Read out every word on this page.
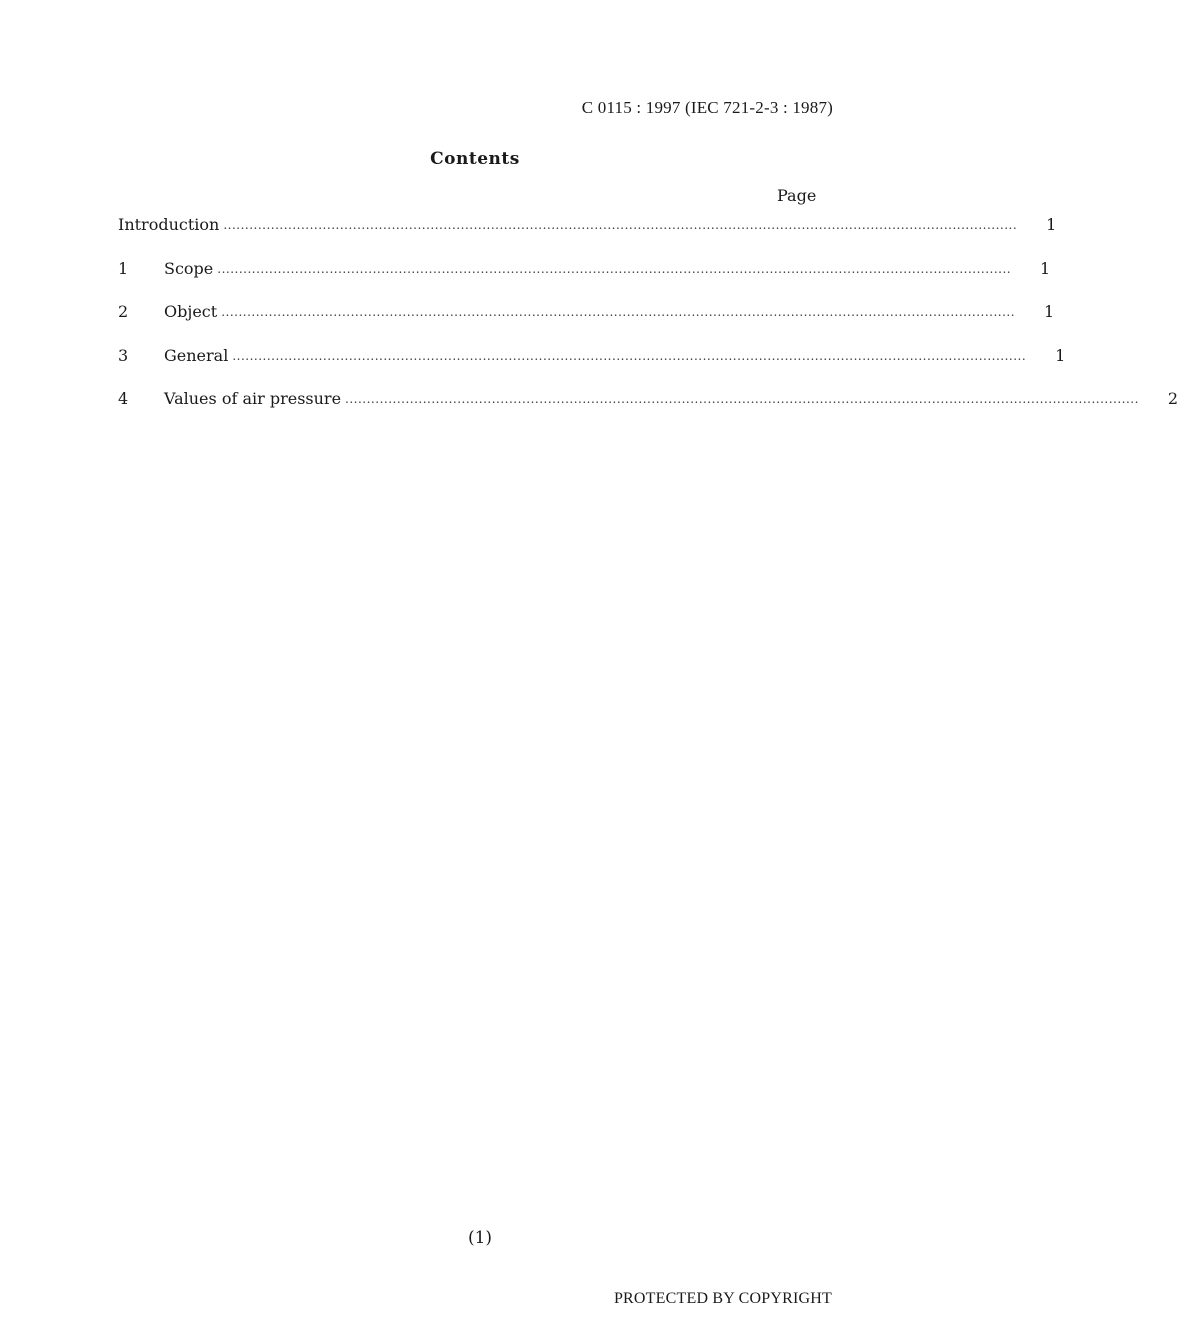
C 0115 : 1997 (IEC 721-2-3 : 1987)
Contents
Page
Introduction ........................................................................................................................................................................................	1
1	Scope ........................................................................................................................................................................................	1
2	Object ........................................................................................................................................................................................	1
3	General ........................................................................................................................................................................................	1
4	Values of air pressure ........................................................................................................................................................................................	2
(1)
PROTECTED BY COPYRIGHT
